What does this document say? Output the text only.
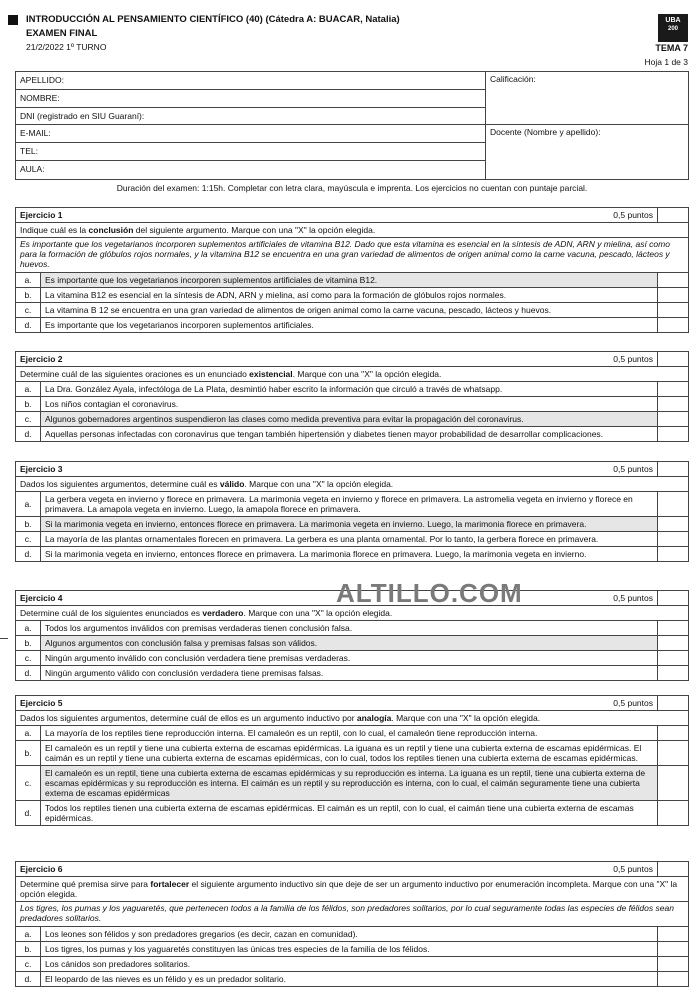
INTRODUCCIÓN AL PENSAMIENTO CIENTÍFICO (40) (Cátedra A: BUACAR, Natalia)
EXAMEN FINAL
21/2/2022 1º TURNO
UBA
200
TEMA 7
Hoja 1 de 3
APELLIDO:
NOMBRE:
DNI (registrado en SIU Guaraní):
E-MAIL:
TEL:
AULA:
Calificación:
Docente (Nombre y apellido):
Duración del examen: 1:15h. Completar con letra clara, mayúscula e imprenta. Los ejercicios no cuentan con puntaje parcial.
Ejercicio 1	0,5 puntos
Indique cuál es la conclusión del siguiente argumento. Marque con una "X" la opción elegida.
Es importante que los vegetarianos incorporen suplementos artificiales de vitamina B12. Dado que esta vitamina es esencial en la síntesis de ADN, ARN y mielina, así como para la formación de glóbulos rojos normales, y la vitamina B12 se encuentra en una gran variedad de alimentos de origen animal como la carne vacuna, pescado, lácteos y huevos.
a.	Es importante que los vegetarianos incorporen suplementos artificiales de vitamina B12.
b.	La vitamina B12 es esencial en la síntesis de ADN, ARN y mielina, así como para la formación de glóbulos rojos normales.
c.	La vitamina B 12 se encuentra en una gran variedad de alimentos de origen animal como la carne vacuna, pescado, lácteos y huevos.
d.	Es importante que los vegetarianos incorporen suplementos artificiales.
Ejercicio 2	0,5 puntos
Determine cuál de las siguientes oraciones es un enunciado existencial. Marque con una "X" la opción elegida.
a.	La Dra. González Ayala, infectóloga de La Plata, desmintió haber escrito la información que circuló a través de whatsapp.
b.	Los niños contagian el coronavirus.
c.	Algunos gobernadores argentinos suspendieron las clases como medida preventiva para evitar la propagación del coronavirus.
d.	Aquellas personas infectadas con coronavirus que tengan también hipertensión y diabetes tienen mayor probabilidad de desarrollar complicaciones.
Ejercicio 3	0,5 puntos
Dados los siguientes argumentos, determine cuál es válido. Marque con una "X" la opción elegida.
a.	La gerbera vegeta en invierno y florece en primavera. La marimonia vegeta en invierno y florece en primavera. La astromelia vegeta en invierno y florece en primavera. La amapola vegeta en invierno. Luego, la amapola florece en primavera.
b.	Si la marimonia vegeta en invierno, entonces florece en primavera. La marimonia vegeta en invierno. Luego, la marimonia florece en primavera.
c.	La mayoría de las plantas ornamentales florecen en primavera. La gerbera es una planta ornamental. Por lo tanto, la gerbera florece en primavera.
d.	Si la marimonia vegeta en invierno, entonces florece en primavera. La marimonia florece en primavera. Luego, la marimonia vegeta en invierno.
Ejercicio 4	0,5 puntos
Determine cuál de los siguientes enunciados es verdadero. Marque con una "X" la opción elegida.
a.	Todos los argumentos inválidos con premisas verdaderas tienen conclusión falsa.
b.	Algunos argumentos con conclusión falsa y premisas falsas son válidos.
c.	Ningún argumento inválido con conclusión verdadera tiene premisas verdaderas.
d.	Ningún argumento válido con conclusión verdadera tiene premisas falsas.
Ejercicio 5	0,5 puntos
Dados los siguientes argumentos, determine cuál de ellos es un argumento inductivo por analogía. Marque con una "X" la opción elegida.
a.	La mayoría de los reptiles tiene reproducción interna. El camaleón es un reptil, con lo cual, el camaleón tiene reproducción interna.
b.	El camaleón es un reptil y tiene una cubierta externa de escamas epidérmicas. La iguana es un reptil y tiene una cubierta externa de escamas epidérmicas. El caimán es un reptil y tiene una cubierta externa de escamas epidérmicas, con lo cual, todos los reptiles tienen una cubierta externa de escamas epidérmicas.
c.
El camaleón es un reptil, tiene una cubierta externa de escamas epidérmicas y su reproducción es interna. La iguana es un reptil, tiene una cubierta externa de escamas epidérmicas y su reproducción es interna. El caimán es un reptil y su reproducción es interna, con lo cual, el caimán seguramente tiene una cubierta externa de escamas epidérmicas
d.	Todos los reptiles tienen una cubierta externa de escamas epidérmicas. El caimán es un reptil, con lo cual, el caimán tiene una cubierta externa de escamas epidérmicas.
Ejercicio 6	0,5 puntos
Determine qué premisa sirve para fortalecer el siguiente argumento inductivo sin que deje de ser un argumento inductivo por enumeración incompleta. Marque con una "X" la opción elegida.
Los tigres, los pumas y los yaguaretés, que pertenecen todos a la familia de los félidos, son predadores solitarios, por lo cual seguramente todas las especies de félidos sean predadores solitarios.
a.	Los leones son félidos y son predadores gregarios (es decir, cazan en comunidad).
b.	Los tigres, los pumas y los yaguaretés constituyen las únicas tres especies de la familia de los félidos.
c.	Los cánidos son predadores solitarios.
d.	El leopardo de las nieves es un félido y es un predador solitario.
ALTILLO.COM
